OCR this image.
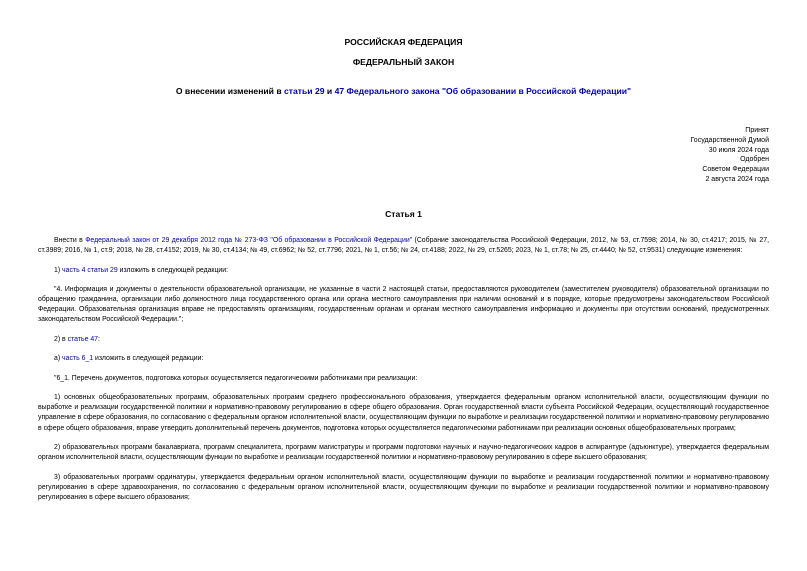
РОССИЙСКАЯ ФЕДЕРАЦИЯ
ФЕДЕРАЛЬНЫЙ ЗАКОН
О внесении изменений в статьи 29 и 47 Федерального закона "Об образовании в Российской Федерации"
Принят
Государственной Думой
30 июля 2024 года
Одобрен
Советом Федерации
2 августа 2024 года
Статья 1

Внести в Федеральный закон от 29 декабря 2012 года № 273-ФЗ "Об образовании в Российской Федерации" (Собрание законодательства Российской Федерации, 2012, № 53, ст.7598; 2014, № 30, ст.4217; 2015, № 27, ст.3989; 2016, № 1, ст.9; 2018, № 28, ст.4152; 2019, № 30, ст.4134; № 49, ст.6962; № 52, ст.7796; 2021, № 1, ст.56; № 24, ст.4188; 2022, № 29, ст.5265; 2023, № 1, ст.78; № 25, ст.4440; № 52, ст.9531) следующие изменения:

1) часть 4 статьи 29 изложить в следующей редакции:

"4. Информация и документы о деятельности образовательной организации, не указанные в части 2 настоящей статьи, предоставляются руководителем (заместителем руководителя) образовательной организации по обращению гражданина, организации либо должностного лица государственного органа или органа местного самоуправления при наличии оснований и в порядке, которые предусмотрены законодательством Российской Федерации. Образовательная организация вправе не предоставлять организациям, государственным органам и органам местного самоуправления информацию и документы при отсутствии оснований, предусмотренных законодательством Российской Федерации.";

2) в статье 47:

а) часть 6_1 изложить в следующей редакции:

"6_1. Перечень документов, подготовка которых осуществляется педагогическими работниками при реализации:

1) основных общеобразовательных программ, образовательных программ среднего профессионального образования, утверждается федеральным органом исполнительной власти, осуществляющим функции по выработке и реализации государственной политики и нормативно-правовому регулированию в сфере общего образования. Орган государственной власти субъекта Российской Федерации, осуществляющий государственное управление в сфере образования, по согласованию с федеральным органом исполнительной власти, осуществляющим функции по выработке и реализации государственной политики и нормативно-правовому регулированию в сфере общего образования, вправе утвердить дополнительный перечень документов, подготовка которых осуществляется педагогическими работниками при реализации основных общеобразовательных программ;

2) образовательных программ бакалавриата, программ специалитета, программ магистратуры и программ подготовки научных и научно-педагогических кадров в аспирантуре (адъюнктуре), утверждается федеральным органом исполнительной власти, осуществляющим функции по выработке и реализации государственной политики и нормативно-правовому регулированию в сфере высшего образования;

3) образовательных программ ординатуры, утверждается федеральным органом исполнительной власти, осуществляющим функции по выработке и реализации государственной политики и нормативно-правовому регулированию в сфере здравоохранения, по согласованию с федеральным органом исполнительной власти, осуществляющим функции по выработке и реализации государственной политики и нормативно-правовому регулированию в сфере высшего образования;
